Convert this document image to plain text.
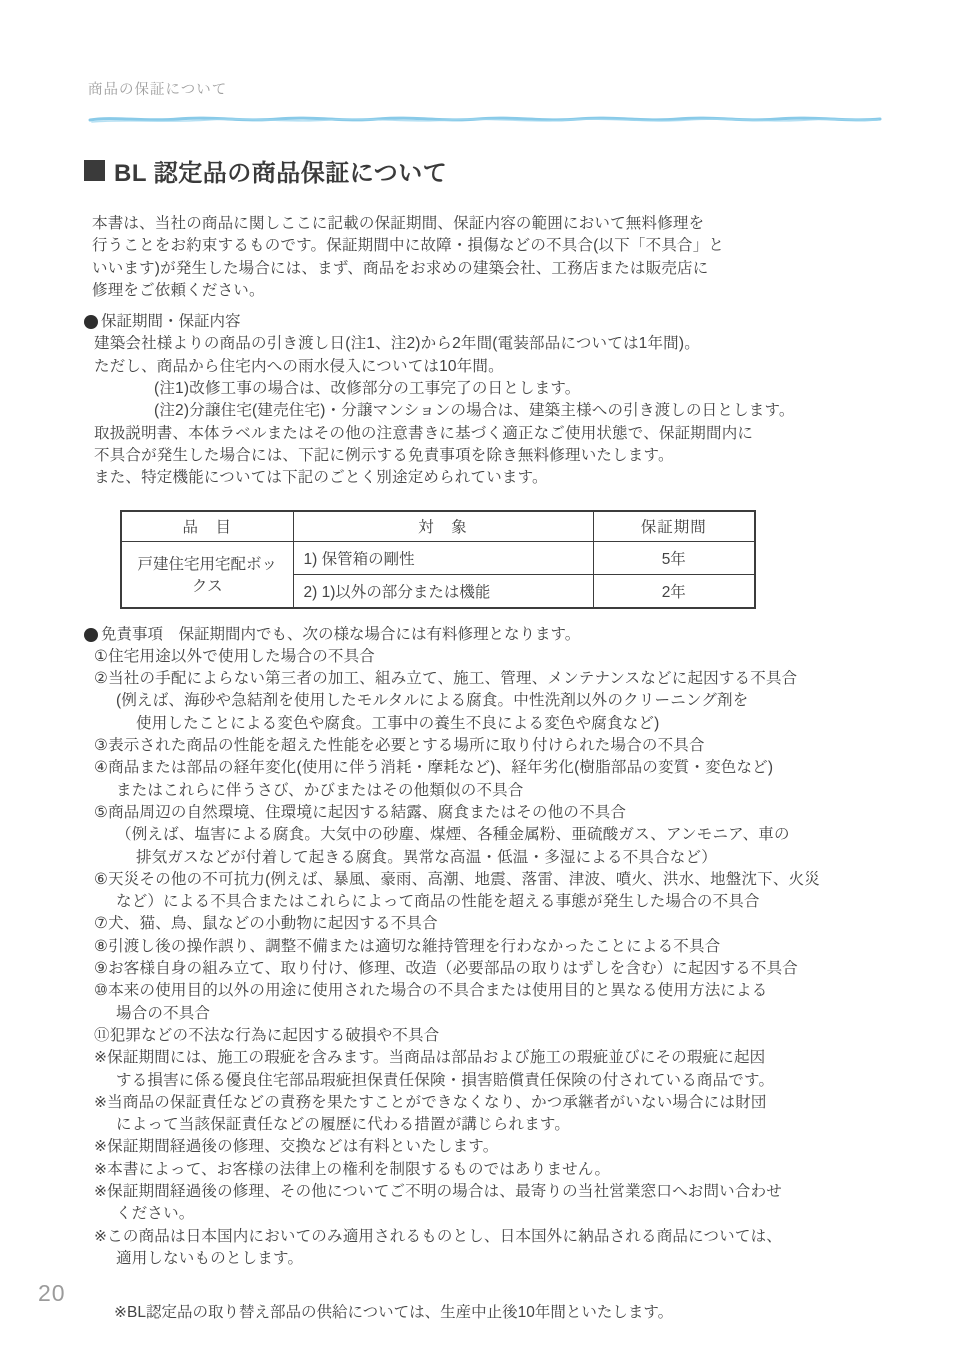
商品の保証について
BL 認定品の商品保証について
本書は、当社の商品に関しここに記載の保証期間、保証内容の範囲において無料修理を
行うことをお約束するものです。保証期間中に故障・損傷などの不具合(以下「不具合」と
いいます)が発生した場合には、まず、商品をお求めの建築会社、工務店または販売店に
修理をご依頼ください。
保証期間・保証内容
建築会社様よりの商品の引き渡し日(注1、注2)から2年間(電装部品については1年間)。
ただし、商品から住宅内への雨水侵入については10年間。
(注1)改修工事の場合は、改修部分の工事完了の日とします。
(注2)分譲住宅(建売住宅)・分譲マンションの場合は、建築主様への引き渡しの日とします。
取扱説明書、本体ラベルまたはその他の注意書きに基づく適正なご使用状態で、保証期間内に
不具合が発生した場合には、下記に例示する免責事項を除き無料修理いたします。
また、特定機能については下記のごとく別途定められています。
品　目	対　象	保証期間
戸建住宅用宅配ボックス	1) 保管箱の剛性	5年
	2) 1)以外の部分または機能	2年
免責事項　保証期間内でも、次の様な場合には有料修理となります。
①住宅用途以外で使用した場合の不具合
②当社の手配によらない第三者の加工、組み立て、施工、管理、メンテナンスなどに起因する不具合
(例えば、海砂や急結剤を使用したモルタルによる腐食。中性洗剤以外のクリーニング剤を
使用したことによる変色や腐食。工事中の養生不良による変色や腐食など)
③表示された商品の性能を超えた性能を必要とする場所に取り付けられた場合の不具合
④商品または部品の経年変化(使用に伴う消耗・摩耗など)、経年劣化(樹脂部品の変質・変色など)
またはこれらに伴うさび、かびまたはその他類似の不具合
⑤商品周辺の自然環境、住環境に起因する結露、腐食またはその他の不具合
（例えば、塩害による腐食。大気中の砂塵、煤煙、各種金属粉、亜硫酸ガス、アンモニア、車の
排気ガスなどが付着して起きる腐食。異常な高温・低温・多湿による不具合など）
⑥天災その他の不可抗力(例えば、暴風、豪雨、高潮、地震、落雷、津波、噴火、洪水、地盤沈下、火災
など）による不具合またはこれらによって商品の性能を超える事態が発生した場合の不具合
⑦犬、猫、鳥、鼠などの小動物に起因する不具合
⑧引渡し後の操作誤り、調整不備または適切な維持管理を行わなかったことによる不具合
⑨お客様自身の組み立て、取り付け、修理、改造（必要部品の取りはずしを含む）に起因する不具合
⑩本来の使用目的以外の用途に使用された場合の不具合または使用目的と異なる使用方法による
場合の不具合
⑪犯罪などの不法な行為に起因する破損や不具合
※保証期間には、施工の瑕疵を含みます。当商品は部品および施工の瑕疵並びにその瑕疵に起因
する損害に係る優良住宅部品瑕疵担保責任保険・損害賠償責任保険の付されている商品です。
※当商品の保証責任などの責務を果たすことができなくなり、かつ承継者がいない場合には財団
によって当該保証責任などの履歴に代わる措置が講じられます。
※保証期間経過後の修理、交換などは有料といたします。
※本書によって、お客様の法律上の権利を制限するものではありません。
※保証期間経過後の修理、その他についてご不明の場合は、最寄りの当社営業窓口へお問い合わせ
ください。
※この商品は日本国内においてのみ適用されるものとし、日本国外に納品される商品については、
適用しないものとします。
※BL認定品の取り替え部品の供給については、生産中止後10年間といたします。
20
